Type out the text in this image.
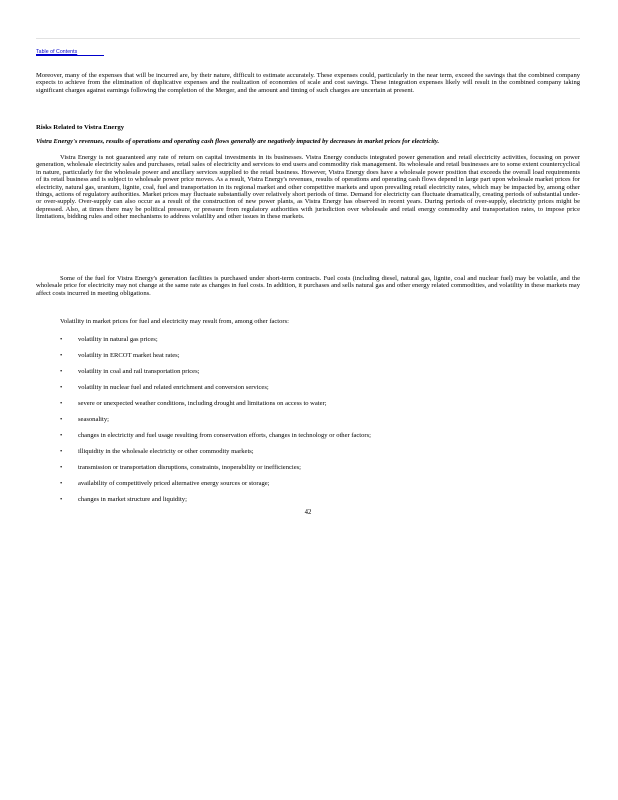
Table of Contents

Moreover, many of the expenses that will be incurred are, by their nature, difficult to estimate accurately. These expenses could, particularly in the near term, exceed the savings that the combined company expects to achieve from the elimination of duplicative expenses and the realization of economies of scale and cost savings. These integration expenses likely will result in the combined company taking significant charges against earnings following the completion of the Merger, and the amount and timing of such charges are uncertain at present.

Risks Related to Vistra Energy
Vistra Energy's revenues, results of operations and operating cash flows generally are negatively impacted by decreases in market prices for electricity.

Vistra Energy is not guaranteed any rate of return on capital investments in its businesses. Vistra Energy conducts integrated power generation and retail electricity activities, focusing on power generation, wholesale electricity sales and purchases, retail sales of electricity and services to end users and commodity risk management. Its wholesale and retail businesses are to some extent countercyclical in nature, particularly for the wholesale power and ancillary services supplied to the retail business. However, Vistra Energy does have a wholesale power position that exceeds the overall load requirements of its retail business and is subject to wholesale power price moves. As a result, Vistra Energy's revenues, results of operations and operating cash flows depend in large part upon wholesale market prices for electricity, natural gas, uranium, lignite, coal, fuel and transportation in its regional market and other competitive markets and upon prevailing retail electricity rates, which may be impacted by, among other things, actions of regulatory authorities. Market prices may fluctuate substantially over relatively short periods of time. Demand for electricity can fluctuate dramatically, creating periods of substantial under- or over-supply. Over-supply can also occur as a result of the construction of new power plants, as Vistra Energy has observed in recent years. During periods of over-supply, electricity prices might be depressed. Also, at times there may be political pressure, or pressure from regulatory authorities with jurisdiction over wholesale and retail energy commodity and transportation rates, to impose price limitations, bidding rules and other mechanisms to address volatility and other issues in these markets.

Some of the fuel for Vistra Energy's generation facilities is purchased under short-term contracts. Fuel costs (including diesel, natural gas, lignite, coal and nuclear fuel) may be volatile, and the wholesale price for electricity may not change at the same rate as changes in fuel costs. In addition, it purchases and sells natural gas and other energy related commodities, and volatility in these markets may affect costs incurred in meeting obligations.

Volatility in market prices for fuel and electricity may result from, among other factors:
• volatility in natural gas prices;
• volatility in ERCOT market heat rates;
• volatility in coal and rail transportation prices;
• volatility in nuclear fuel and related enrichment and conversion services;
• severe or unexpected weather conditions, including drought and limitations on access to water;
• seasonality;
• changes in electricity and fuel usage resulting from conservation efforts, changes in technology or other factors;
• illiquidity in the wholesale electricity or other commodity markets;
• transmission or transportation disruptions, constraints, inoperability or inefficiencies;
• availability of competitively priced alternative energy sources or storage;
• changes in market structure and liquidity;
42
